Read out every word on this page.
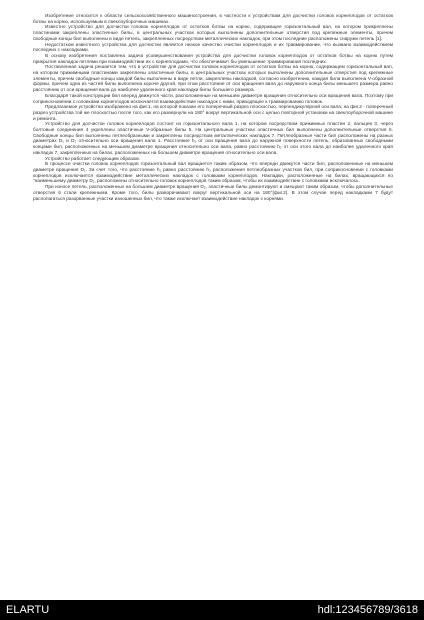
Изобретение относится к области сельскохозяйственного машиностроения, в частности к устройствам для досчистки головок корнеплодов от остатков ботвы на корню, используемым в свеклоуборочных машинах.

Известно устройство для досчистки головок корнеплодов от остатков ботвы на корню, содержащее горизонтальный вал, на котором прикреплены пластинами закреплены эластичные билы, в центральных участках которых выполнены дополнительные отверстия под крепежные элементы, причем свободные концы бил выполнены в виде петель, закрепленных посредством металлических накладок, при этом последние расположены снаружи петель [1].

Недостатком известного устройства для досчистки является низкое качество очистки корнеплодов и их травмирование, что вызвано взаимодействием последних с накладками.

В основу изобретения поставлена задача усовершенствования устройства для досчистки головок корнеплодов от остатков ботвы на корню путем прикрытия накладок петлями при взаимодействии их с корнеплодами, что обеспечивает бы уменьшение травмирования последних.

Поставленная задача решается тем, что в устройстве для досчистки головок корнеплодов от остатков ботвы на корню, содержащем горизонтальный вал, на котором прижимными пластинами закреплены эластичные билы, в центральных участках которых выполнены дополнительные отверстия под крепежные элементы, причем свободные концы каждой билы выполнены в виде петли, закреплены накладкой, согласно изобретению, каждая била выполнена V-образной формы, причем одна из частей билы выполнена короче другой, при этом расстояние от оси вращения вала до наружного конца билы меньшего размера равно расстоянию от оси вращения вала до наиболее удаленного края накладки билы большего размера.

Благодаря такой конструкции бил вперед движутся части, расположенные на меньшем диаметре вращения относительно оси вращения вала. Поэтому при соприкосновении с головками корнеплодов исключается взаимодействие накладок с ними, приводящее к травмированию головок.

Предлагаемое устройство изображено на фиг.1, на которой показан его поперечный разрез плоскостью, перпендикулярной оси вала; на фиг.2 - поперечный разрез устройства той же плоскостью после того, как его развернули на 180° вокруг вертикальной оси с целью повторной установки на свеклоуборочной машине и ремонта.

Устройство для досчистки головок корнеплодов состоит из горизонтального вала 1, на котором посредством прижимных пластин 2, пальцев 3, через болтовые соединения 4 укреплены эластичные V-образные билы 5. На центральных участках эластичных бил выполнены дополнительные отверстия 6. Свободные концы бил выполнены петлеобразными и закреплены посредством металлических накладок 7. Петлеобразные части бил расположены на разных диаметрах D₁ и D₂ относительно оси вращения вала 1. Расстояние h₁ от оси вращения вала до наружной поверхности петель, образованных свободными концами бил, расположенных на меньшем диаметре вращения относительно оси вала, равно расстоянию h₂ от оси этого вала до наиболее удаленного края накладок 7, закрепленных на билах, расположенных на большем диаметре вращения относительно оси вала.

Устройство работает следующим образом.

В процессе очистки головок корнеплодов горизонтальный вал вращается таким образом, что впереди движутся части бил, расположенные на меньшем диаметре вращения D₁. За счет того, что расстояние h₁ равно расстоянию h₂ расположения петлеобразных участков бил, при соприкосновении с головками корнеплодов исключается взаимодействие металлических накладок с головками корнеплодов. Накладки, расположенные на билах, вращающихся по "наименьшему диаметру D₁, расположены относительно головок корнеплодов таким образом, чтобы их взаимодействие с головками исключалось.

При износе петель, расположенных на большем диаметре вращения D₂, эластичные билы демонтируют и смещают таким образом, чтобы дополнительные отверстия 6 стали крепежными. Кроме того, билы разворачивают вокруг вертикальной оси на 180°(фиг.2). В этом случае перед накладками 7 будут располагаться разорванные участки изношенных бил, что также исключает взаимодействие накладок с корнями.

ELARTU	hdl:123456789/3618
